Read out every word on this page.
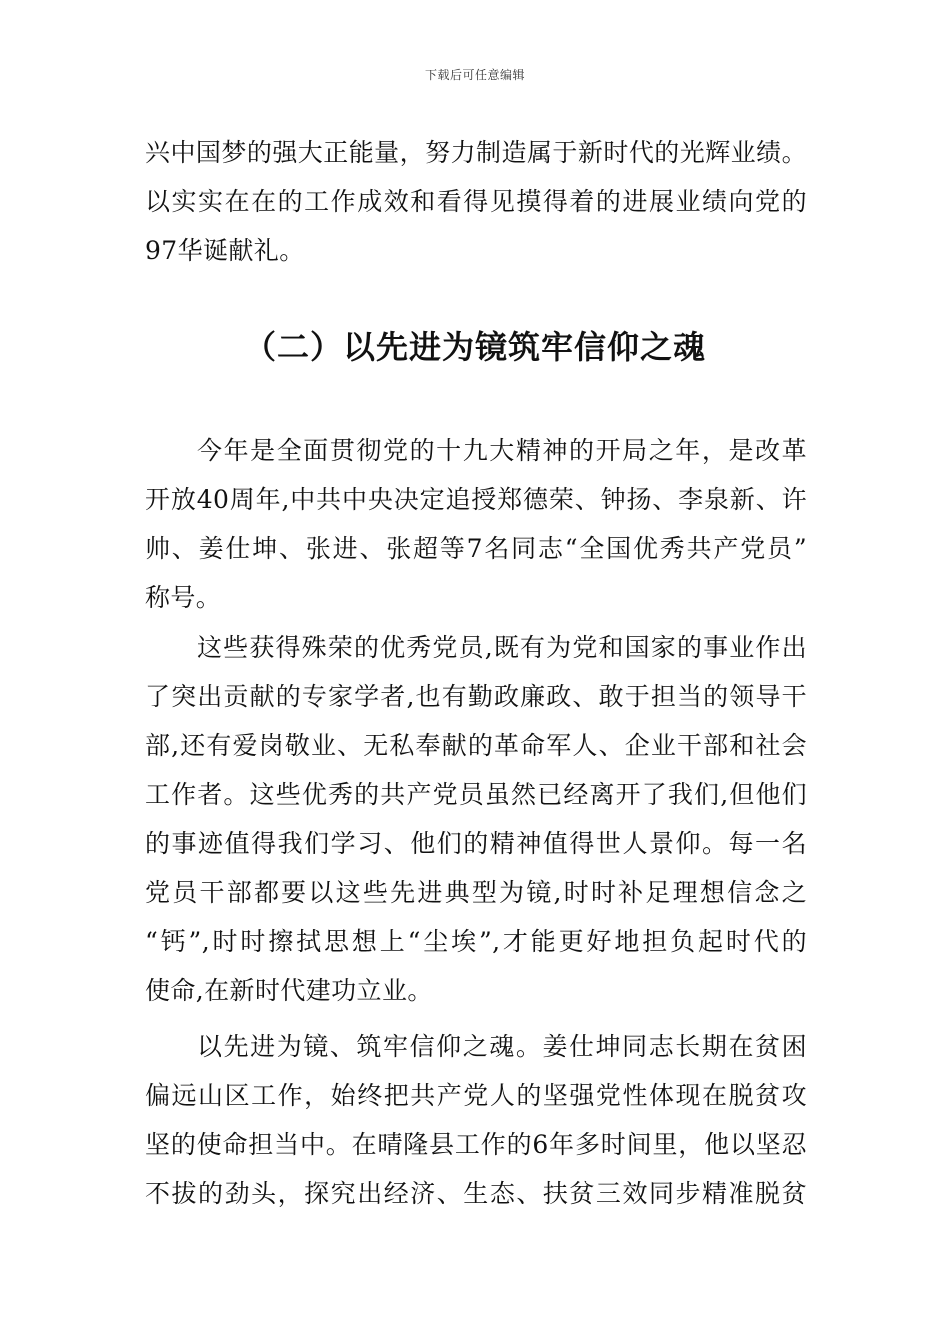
下载后可任意编辑
兴中国梦的强大正能量，努力制造属于新时代的光辉业绩。
以实实在在的工作成效和看得见摸得着的进展业绩向党的
97华诞献礼。
（二）以先进为镜筑牢信仰之魂
今年是全面贯彻党的十九大精神的开局之年，是改革
开放40周年,中共中央决定追授郑德荣、钟扬、李泉新、许
帅、姜仕坤、张进、张超等7名同志“全国优秀共产党员”
称号。
这些获得殊荣的优秀党员,既有为党和国家的事业作出
了突出贡献的专家学者,也有勤政廉政、敢于担当的领导干
部,还有爱岗敬业、无私奉献的革命军人、企业干部和社会
工作者。这些优秀的共产党员虽然已经离开了我们,但他们
的事迹值得我们学习、他们的精神值得世人景仰。每一名
党员干部都要以这些先进典型为镜,时时补足理想信念之
“钙”,时时擦拭思想上“尘埃”,才能更好地担负起时代的
使命,在新时代建功立业。
以先进为镜、筑牢信仰之魂。姜仕坤同志长期在贫困
偏远山区工作，始终把共产党人的坚强党性体现在脱贫攻
坚的使命担当中。在晴隆县工作的6年多时间里，他以坚忍
不拔的劲头，探究出经济、生态、扶贫三效同步精准脱贫
